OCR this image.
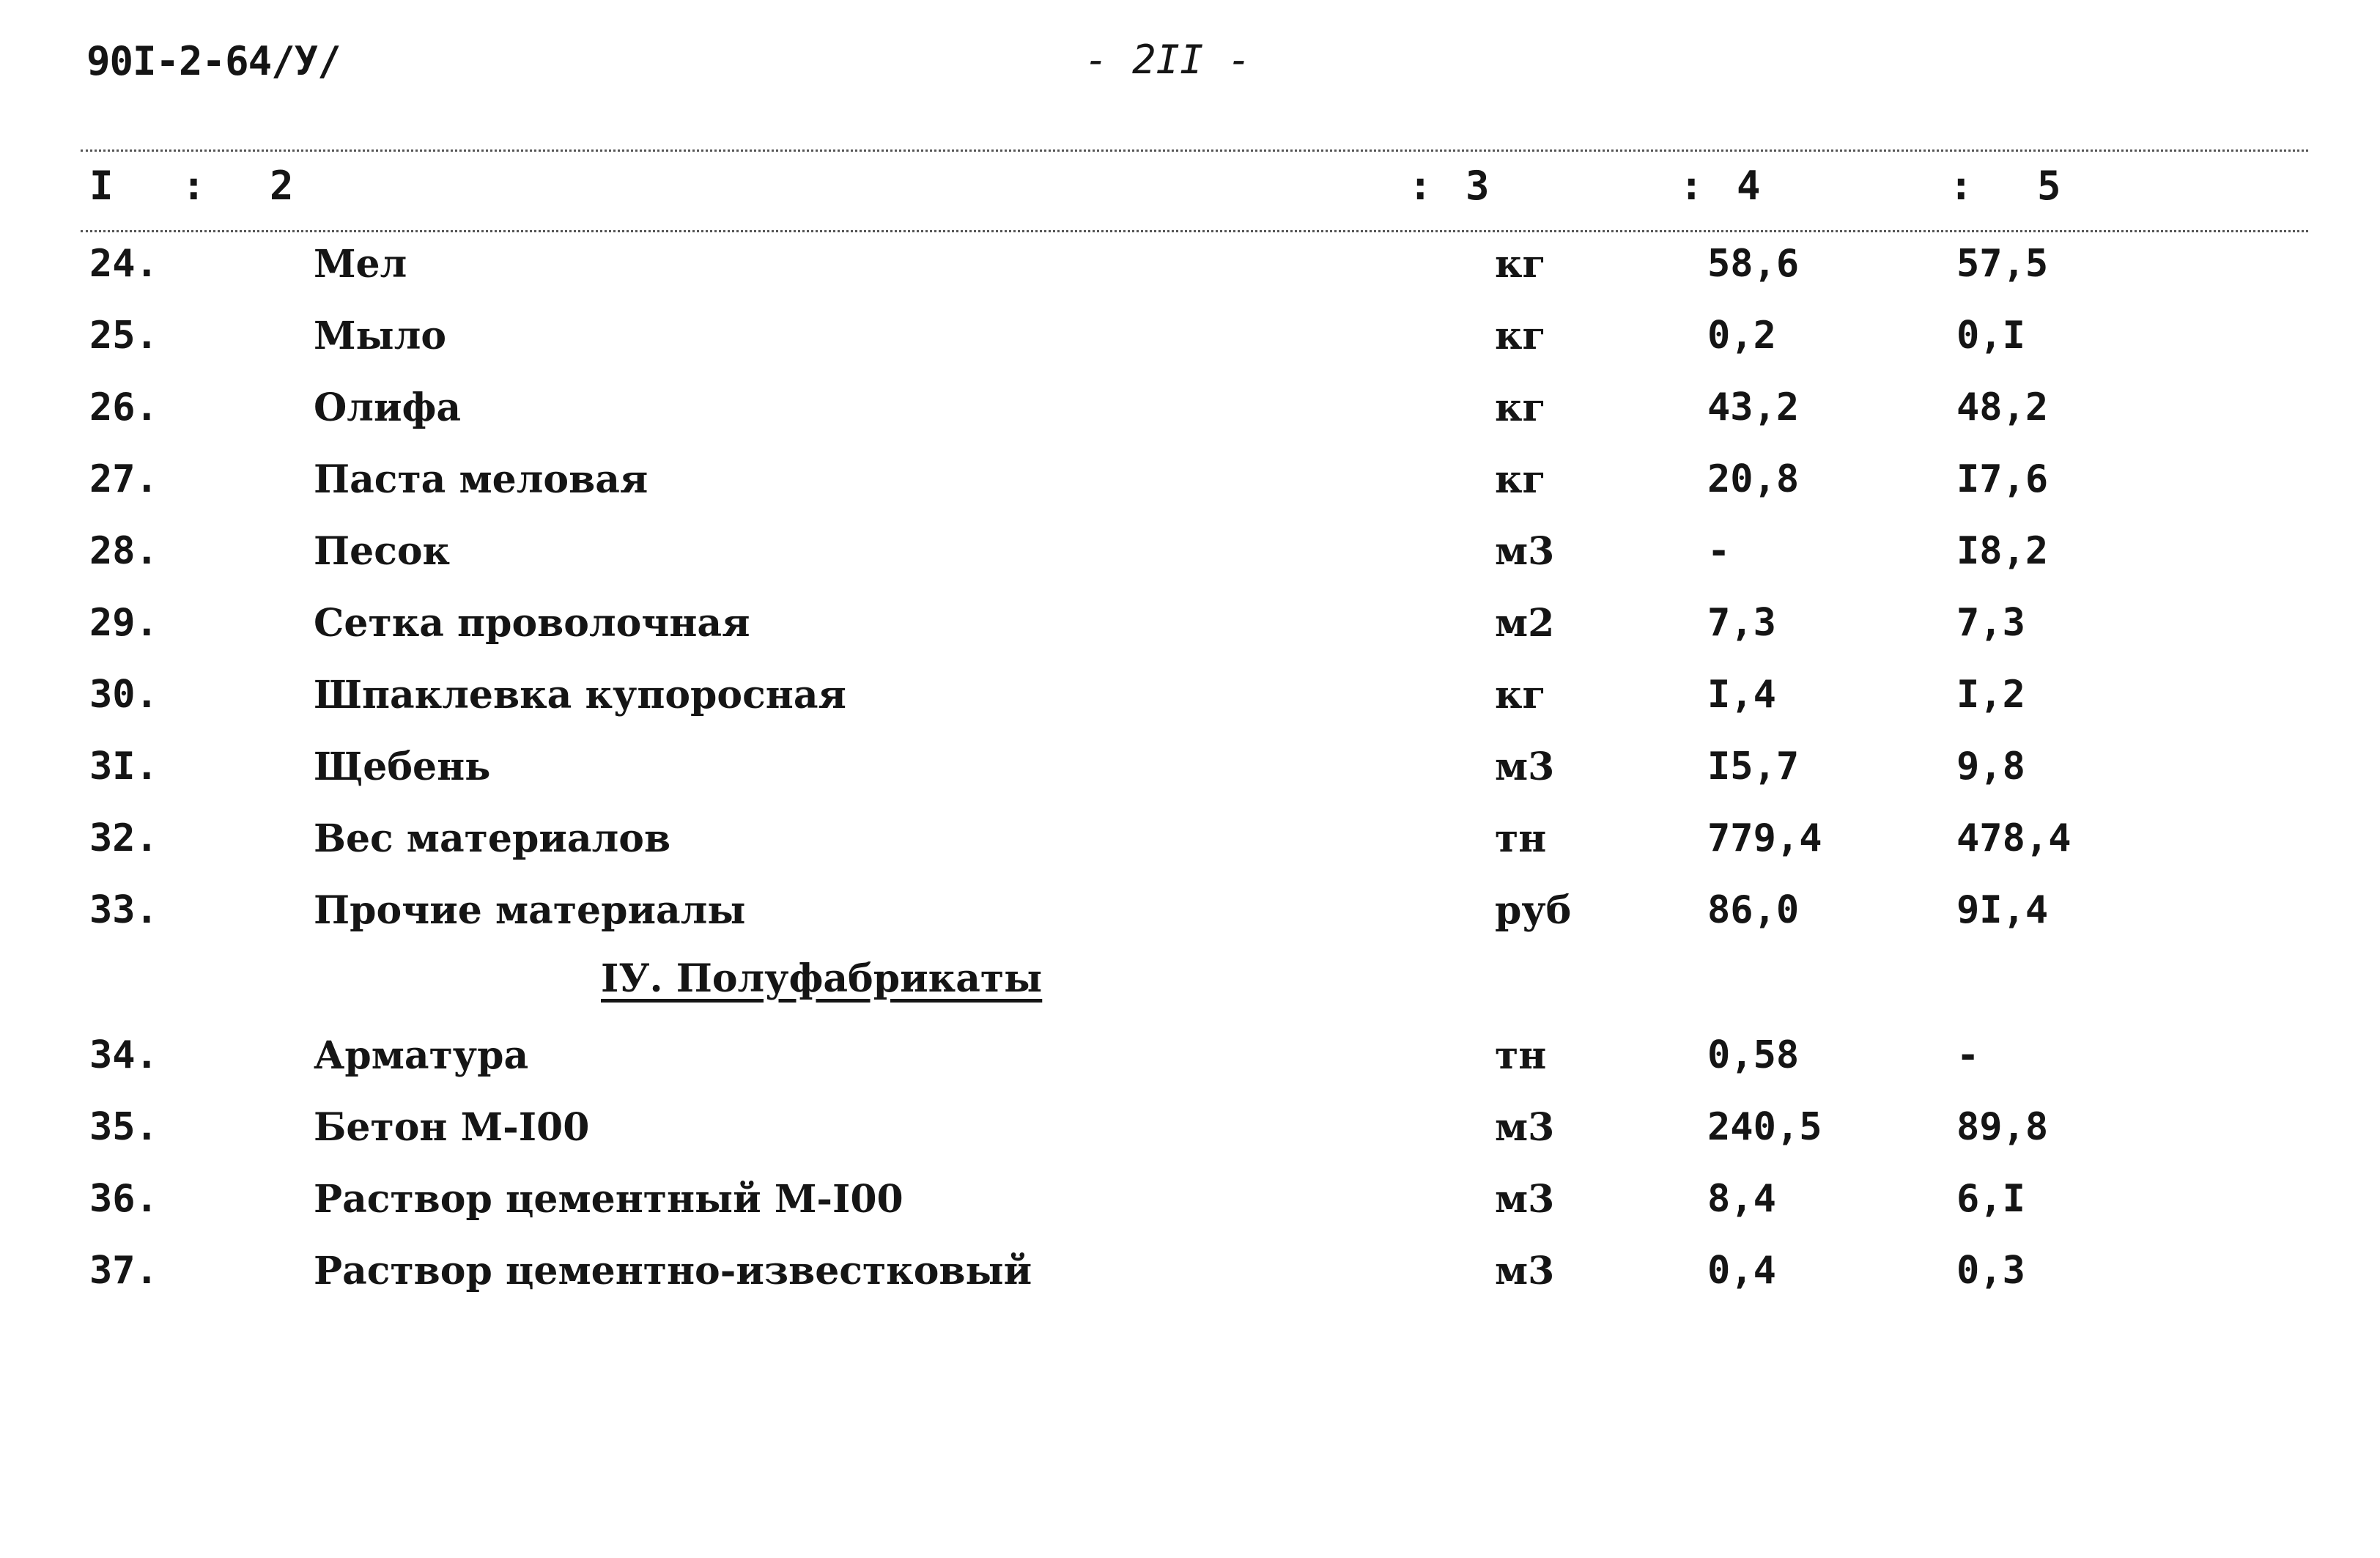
90I-2-64/У/	- 2II -
I : 2	: 3	: 4	: 5
24.	Мел	кг	58,6	57,5
25.	Мыло	кг	0,2	0,I
26.	Олифа	кг	43,2	48,2
27.	Паста меловая	кг	20,8	I7,6
28.	Песок	м3	-	I8,2
29.	Сетка проволочная	м2	7,3	7,3
30.	Шпаклевка купоросная	кг	I,4	I,2
3I.	Щебень	м3	I5,7	9,8
32.	Вес материалов	тн	779,4	478,4
33.	Прочие материалы	руб	86,0	9I,4
IУ. Полуфабрикаты
34.	Арматура	тн	0,58	-
35.	Бетон М-I00	м3	240,5	89,8
36.	Раствор цементный М-I00	м3	8,4	6,I
37.	Раствор цементно-известковый	м3	0,4	0,3
